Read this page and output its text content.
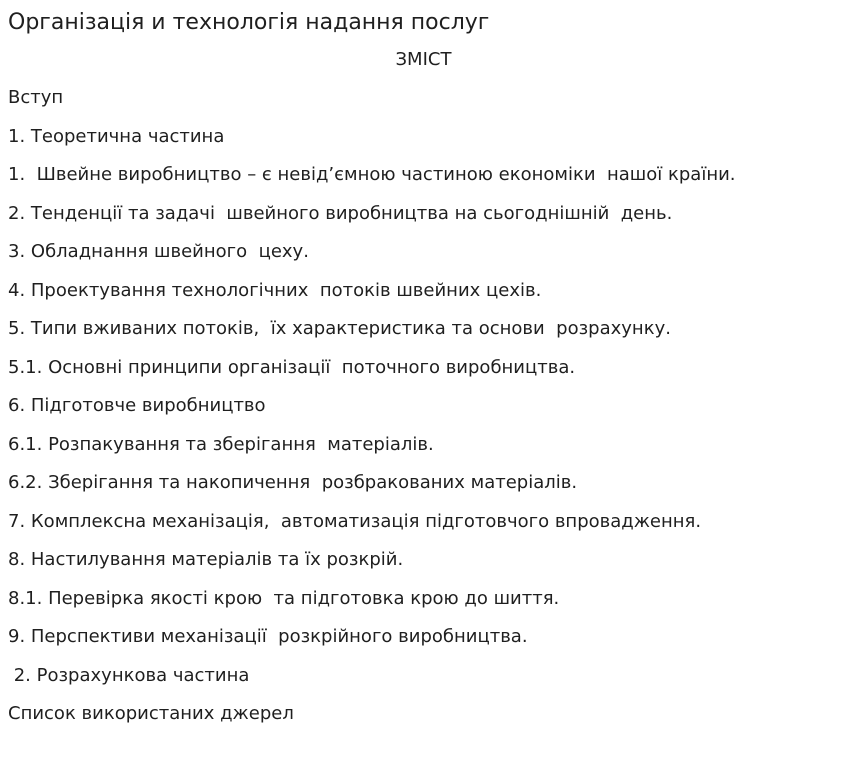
Організація и технологія надання послуг
ЗМІСТ
Вступ
1. Теоретична частина
1.  Швейне виробництво – є невід’ємною частиною економіки  нашої країни.
2. Тенденції та задачі  швейного виробництва на сьогоднішній  день.
3. Обладнання швейного  цеху.
4. Проектування технологічних  потоків швейних цехів.
5. Типи вживаних потоків,  їх характеристика та основи  розрахунку.
5.1. Основні принципи організації  поточного виробництва.
6. Підготовче виробництво
6.1. Розпакування та зберігання  матеріалів.
6.2. Зберігання та накопичення  розбракованих матеріалів.
7. Комплексна механізація,  автоматизація підготовчого впровадження.
8. Настилування матеріалів та їх розкрій.
8.1. Перевірка якості крою  та підготовка крою до шиття.
9. Перспективи механізації  розкрійного виробництва.
2. Розрахункова частина
Список використаних джерел
